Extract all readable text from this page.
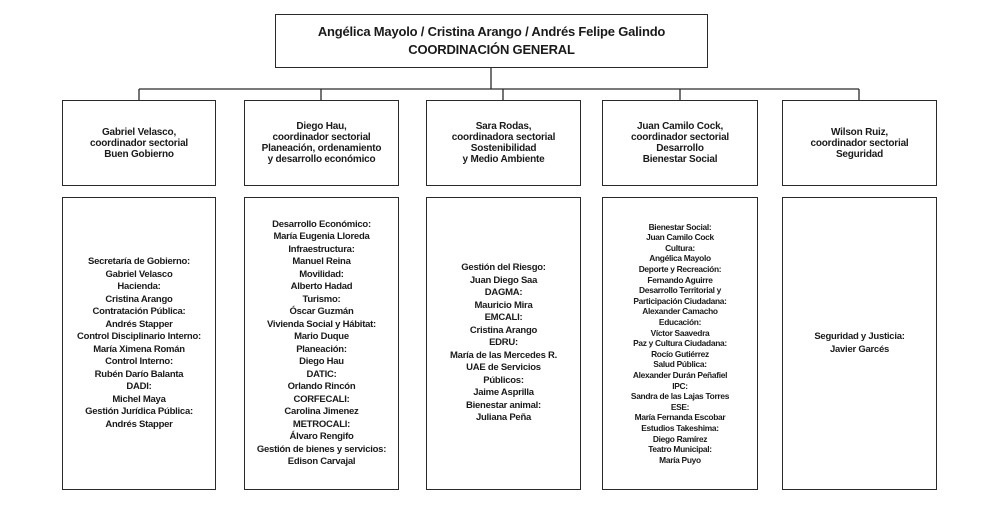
Angélica Mayolo / Cristina Arango / Andrés Felipe Galindo
COORDINACIÓN GENERAL
Gabriel Velasco,
coordinador sectorial
Buen Gobierno
Secretaría de Gobierno:
Gabriel Velasco
Hacienda:
Cristina Arango
Contratación Pública:
Andrés Stapper
Control Disciplinario Interno:
María Ximena Román
Control Interno:
Rubén Darío Balanta
DADI:
Michel Maya
Gestión Jurídica Pública:
Andrés Stapper
Diego Hau,
coordinador sectorial
Planeación, ordenamiento
y desarrollo económico
Desarrollo Económico:
María Eugenia Lloreda
Infraestructura:
Manuel Reina
Movilidad:
Alberto Hadad
Turismo:
Óscar Guzmán
Vivienda Social y Hábitat:
Mario Duque
Planeación:
Diego Hau
DATIC:
Orlando Rincón
CORFECALI:
Carolina Jimenez
METROCALI:
Álvaro Rengifo
Gestión de bienes y servicios:
Edison Carvajal
Sara Rodas,
coordinadora sectorial
Sostenibilidad
y Medio Ambiente
Gestión del Riesgo:
Juan Diego Saa
DAGMA:
Mauricio Mira
EMCALI:
Cristina Arango
EDRU:
María de las Mercedes R.
UAE de Servicios
Públicos:
Jaime Asprilla
Bienestar animal:
Juliana Peña
Juan Camilo Cock,
coordinador sectorial
Desarrollo
Bienestar Social
Bienestar Social:
Juan Camilo Cock
Cultura:
Angélica Mayolo
Deporte y Recreación:
Fernando Aguirre
Desarrollo Territorial y
Participación Ciudadana:
Alexander Camacho
Educación:
Víctor Saavedra
Paz y Cultura Ciudadana:
Rocío Gutiérrez
Salud Pública:
Alexander Durán Peñafiel
IPC:
Sandra de las Lajas Torres
ESE:
María Fernanda Escobar
Estudios Takeshima:
Diego Ramírez
Teatro Municipal:
María Puyo
Wilson Ruiz,
coordinador sectorial
Seguridad
Seguridad y Justicia:
Javier Garcés
